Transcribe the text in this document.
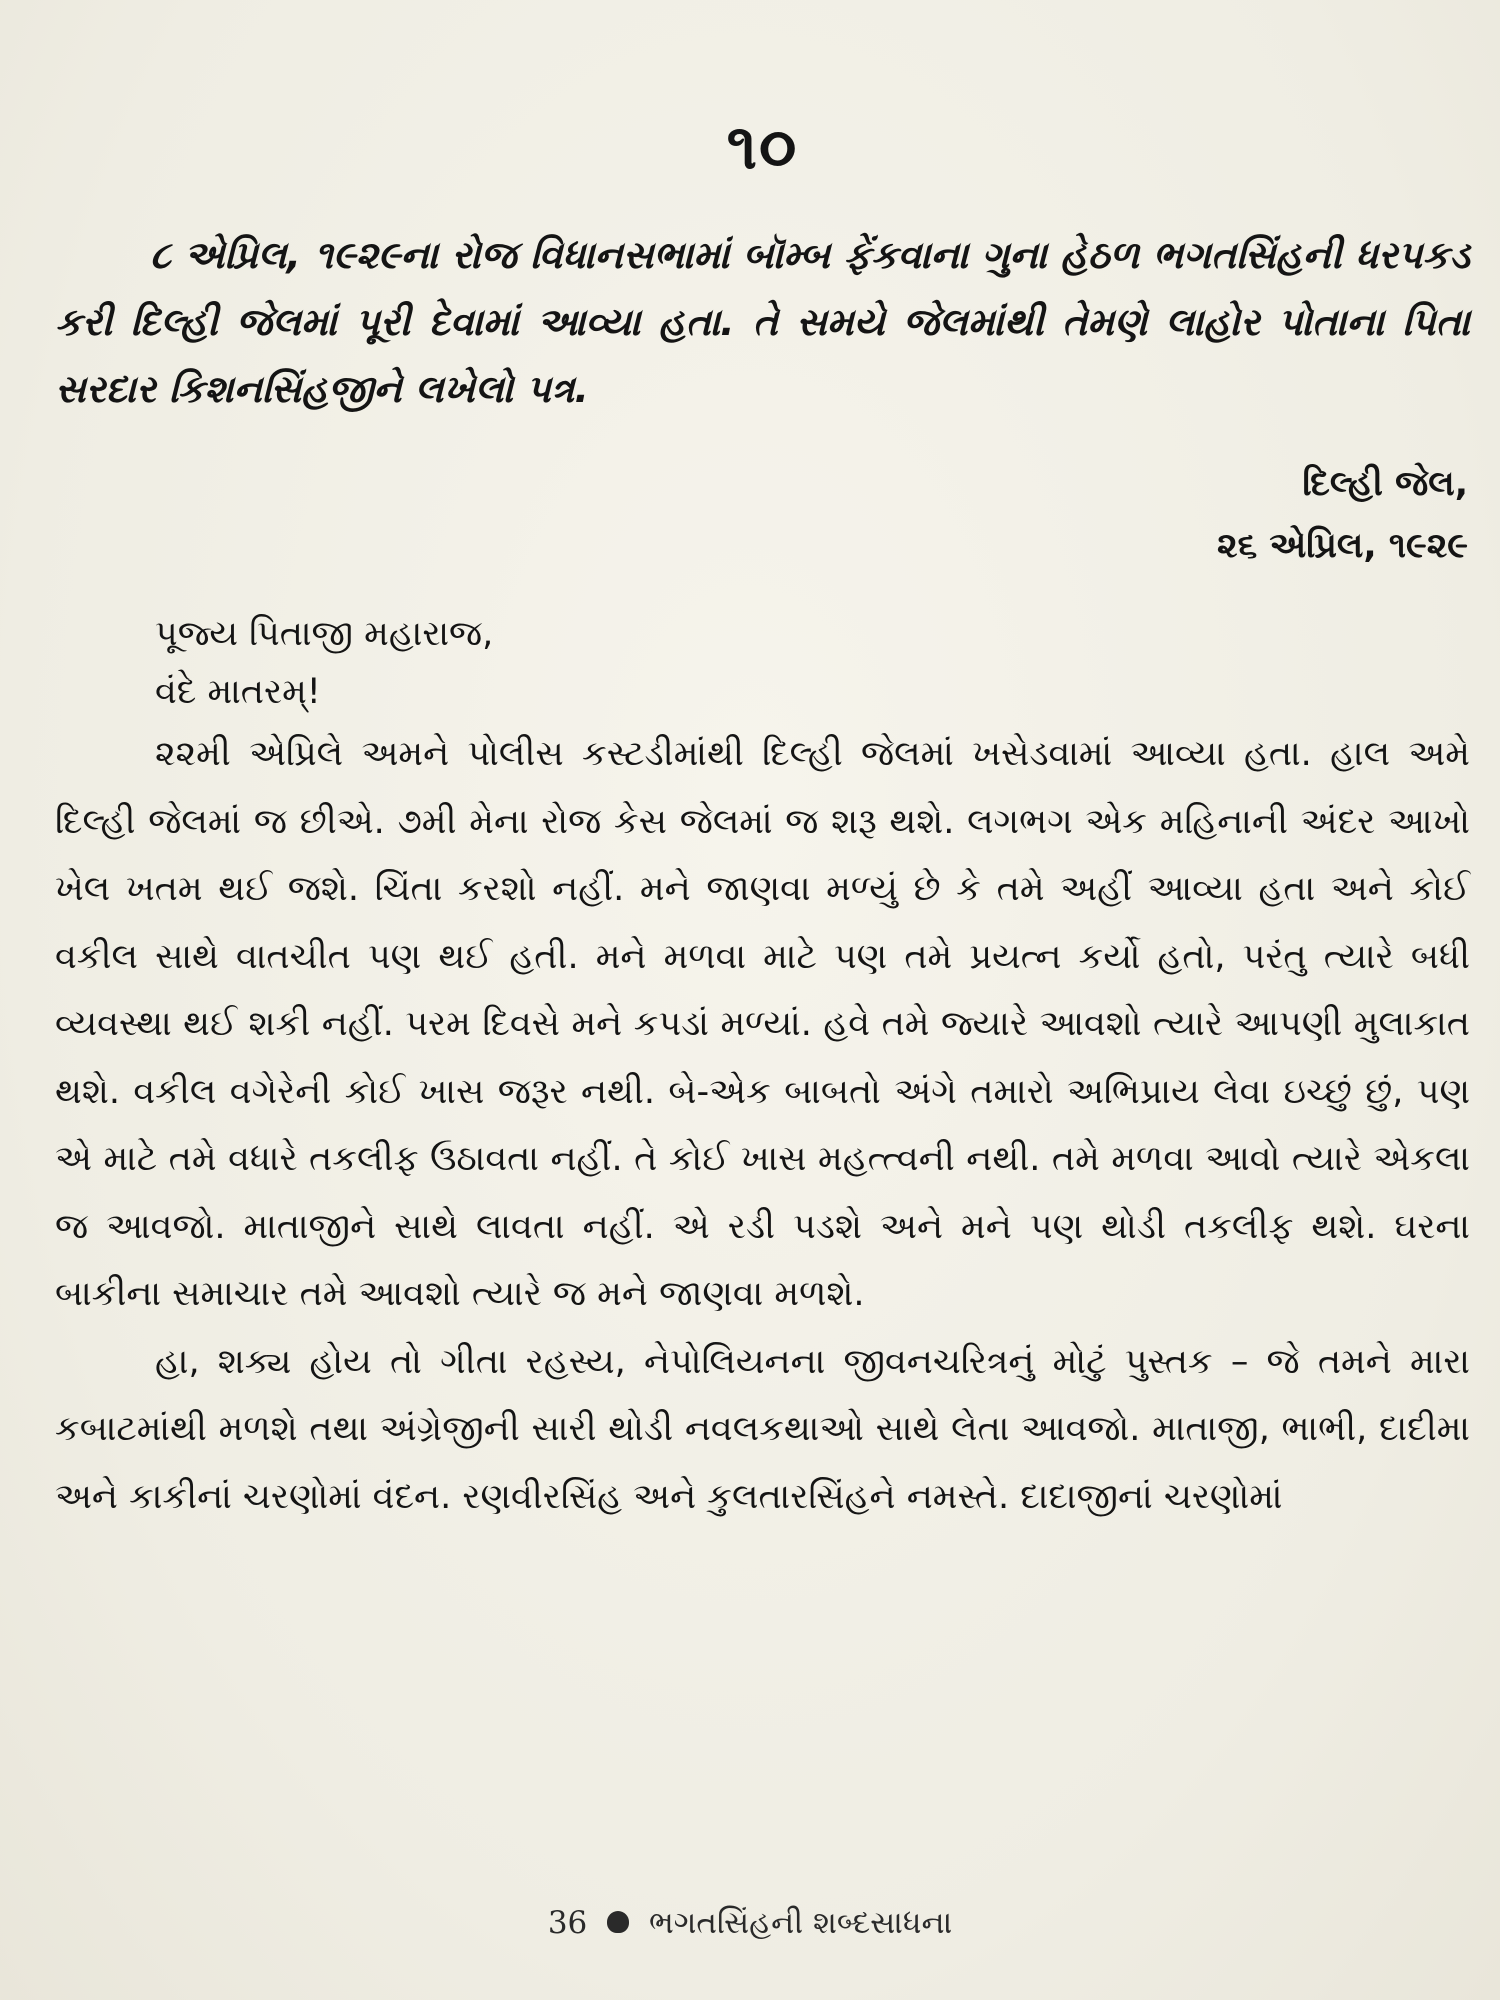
૧૦

૮ એપ્રિલ, ૧૯૨૯ના રોજ વિધાનસભામાં બૉમ્બ ફેંકવાના ગુના હેઠળ ભગતસિંહની ધરપકડ કરી દિલ્હી જેલમાં પૂરી દેવામાં આવ્યા હતા. તે સમયે જેલમાંથી તેમણે લાહોર પોતાના પિતા સરદાર કિશનસિંહજીને લખેલો પત્ર.

દિલ્હી જેલ,
૨૬ એપ્રિલ, ૧૯૨૯
પૂજ્ય પિતાજી મહારાજ,
વંદે માતરમ્!

૨૨મી એપ્રિલે અમને પોલીસ કસ્ટડીમાંથી દિલ્હી જેલમાં ખસેડવામાં આવ્યા હતા. હાલ અમે દિલ્હી જેલમાં જ છીએ. ૭મી મેના રોજ કેસ જેલમાં જ શરૂ થશે. લગભગ એક મહિનાની અંદર આખો ખેલ ખતમ થઈ જશે. ચિંતા કરશો નહીં. મને જાણવા મળ્યું છે કે તમે અહીં આવ્યા હતા અને કોઈ વકીલ સાથે વાતચીત પણ થઈ હતી. મને મળવા માટે પણ તમે પ્રયત્ન કર્યો હતો, પરંતુ ત્યારે બધી વ્યવસ્થા થઈ શકી નહીં. પરમ દિવસે મને કપડાં મળ્યાં. હવે તમે જ્યારે આવશો ત્યારે આપણી મુલાકાત થશે. વકીલ વગેરેની કોઈ ખાસ જરૂર નથી. બે-એક બાબતો અંગે તમારો અભિપ્રાય લેવા ઇચ્છું છું, પણ એ માટે તમે વધારે તકલીફ ઉઠાવતા નહીં. તે કોઈ ખાસ મહત્ત્વની નથી. તમે મળવા આવો ત્યારે એકલા જ આવજો. માતાજીને સાથે લાવતા નહીં. એ રડી પડશે અને મને પણ થોડી તકલીફ થશે. ઘરના બાકીના સમાચાર તમે આવશો ત્યારે જ મને જાણવા મળશે.

હા, શક્ય હોય તો ગીતા રહસ્ય, નેપોલિયનના જીવનચરિત્રનું મોટું પુસ્તક – જે તમને મારા કબાટમાંથી મળશે તથા અંગ્રેજીની સારી થોડી નવલકથાઓ સાથે લેતા આવજો. માતાજી, ભાભી, દાદીમા અને કાકીનાં ચરણોમાં વંદન. રણવીરસિંહ અને કુલતારસિંહને નમસ્તે. દાદાજીનાં ચરણોમાં

36 ભગતસિંહની શબ્દસાધના
